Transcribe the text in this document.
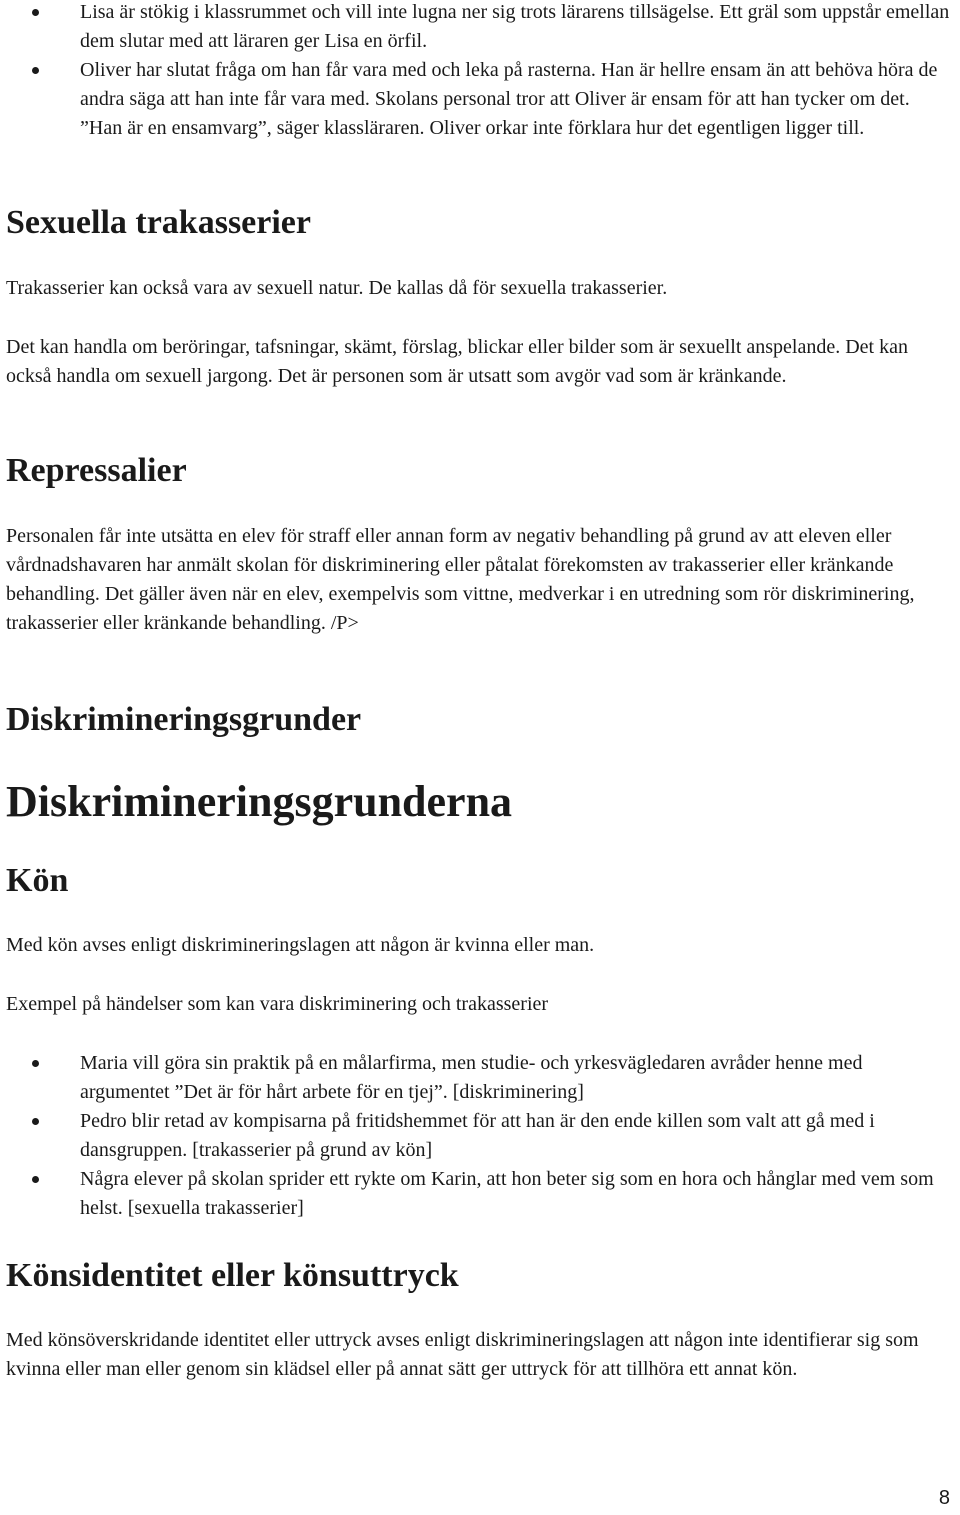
Lisa är stökig i klassrummet och vill inte lugna ner sig trots lärarens tillsägelse. Ett gräl som uppstår emellan dem slutar med att läraren ger Lisa en örfil.
Oliver har slutat fråga om han får vara med och leka på rasterna. Han är hellre ensam än att behöva höra de andra säga att han inte får vara med. Skolans personal tror att Oliver är ensam för att han tycker om det. ”Han är en ensamvarg”, säger klassläraren. Oliver orkar inte förklara hur det egentligen ligger till.
Sexuella trakasserier

Trakasserier kan också vara av sexuell natur. De kallas då för sexuella trakasserier.

Det kan handla om beröringar, tafsningar, skämt, förslag, blickar eller bilder som är sexuellt anspelande. Det kan också handla om sexuell jargong. Det är personen som är utsatt som avgör vad som är kränkande.

Repressalier

Personalen får inte utsätta en elev för straff eller annan form av negativ behandling på grund av att eleven eller vårdnadshavaren har anmält skolan för diskriminering eller påtalat förekomsten av trakasserier eller kränkande behandling. Det gäller även när en elev, exempelvis som vittne, medverkar i en utredning som rör diskriminering, trakasserier eller kränkande behandling. /P>

Diskrimineringsgrunder
Diskrimineringsgrunderna
Kön

Med kön avses enligt diskrimineringslagen att någon är kvinna eller man.

Exempel på händelser som kan vara diskriminering och trakasserier

Maria vill göra sin praktik på en målarfirma, men studie- och yrkesvägledaren avråder henne med argumentet ”Det är för hårt arbete för en tjej”. [diskriminering]
Pedro blir retad av kompisarna på fritidshemmet för att han är den ende killen som valt att gå med i dansgruppen. [trakasserier på grund av kön]
Några elever på skolan sprider ett rykte om Karin, att hon beter sig som en hora och hånglar med vem som helst. [sexuella trakasserier]
Könsidentitet eller könsuttryck

Med könsöverskridande identitet eller uttryck avses enligt diskrimineringslagen att någon inte identifierar sig som kvinna eller man eller genom sin klädsel eller på annat sätt ger uttryck för att tillhöra ett annat kön.

8
